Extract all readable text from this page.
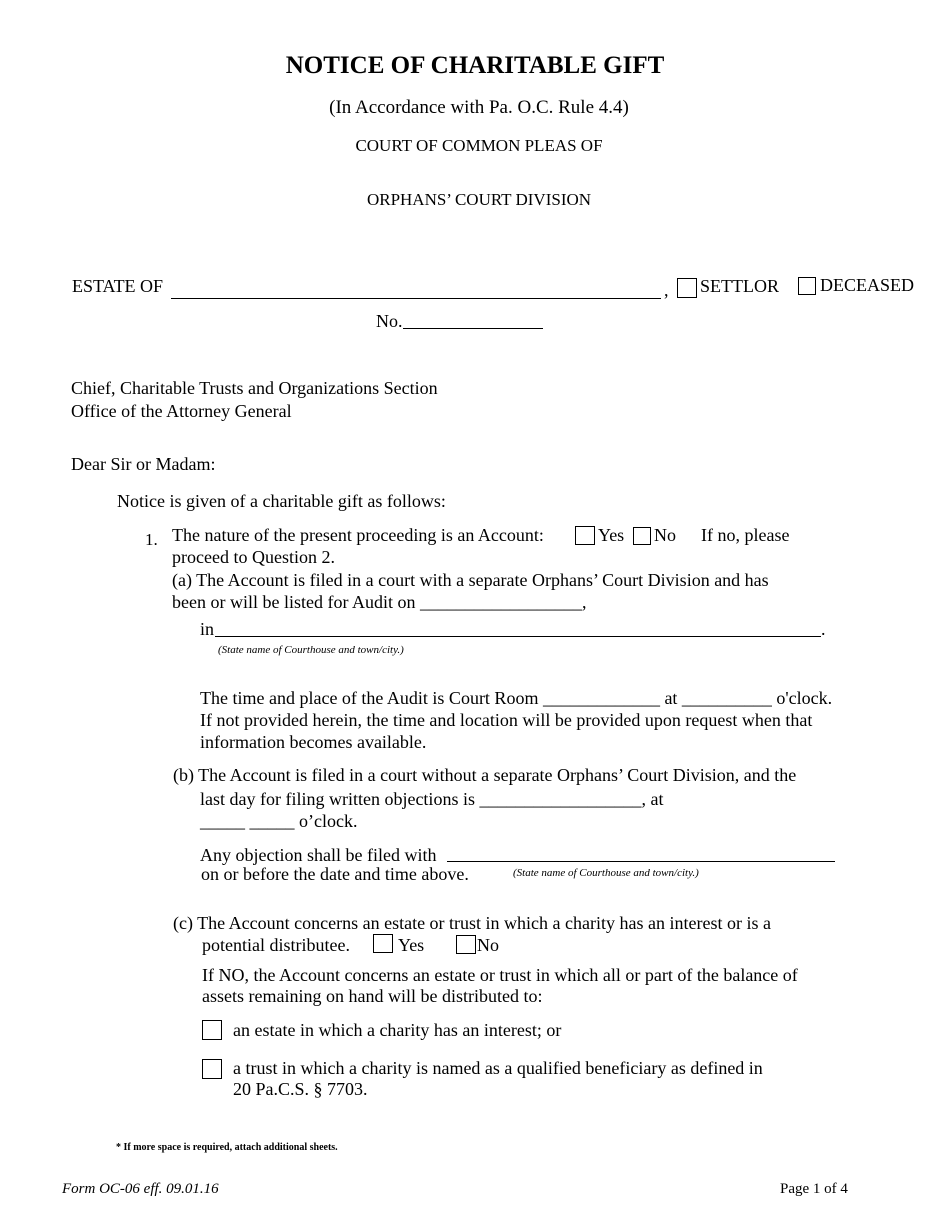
NOTICE OF CHARITABLE GIFT
(In Accordance with Pa. O.C. Rule 4.4)
COURT OF COMMON PLEAS OF
ORPHANS’ COURT DIVISION
ESTATE OF	, SETTLOR DECEASED
No.
Chief, Charitable Trusts and Organizations Section
Office of the Attorney General
Dear Sir or Madam:
Notice is given of a charitable gift as follows:
1. The nature of the present proceeding is an Account:	Yes No If no, please
proceed to Question 2.
(a) The Account is filed in a court with a separate Orphans’ Court Division and has
been or will be listed for Audit on __________________,
in	.
(State name of Courthouse and town/city.)
The time and place of the Audit is Court Room _____________ at __________ o'clock.
If not provided herein, the time and location will be provided upon request when that
information becomes available.
(b) The Account is filed in a court without a separate Orphans’ Court Division, and the
last day for filing written objections is __________________, at
_____ _____ o’clock.
Any objection shall be filed with
on or before the date and time above.	(State name of Courthouse and town/city.)
(c) The Account concerns an estate or trust in which a charity has an interest or is a
potential distributee.	Yes	No
If NO, the Account concerns an estate or trust in which all or part of the balance of
assets remaining on hand will be distributed to:
an estate in which a charity has an interest; or
a trust in which a charity is named as a qualified beneficiary as defined in
20 Pa.C.S. § 7703.
* If more space is required, attach additional sheets.
Form OC-06 eff. 09.01.16	Page 1 of 4
